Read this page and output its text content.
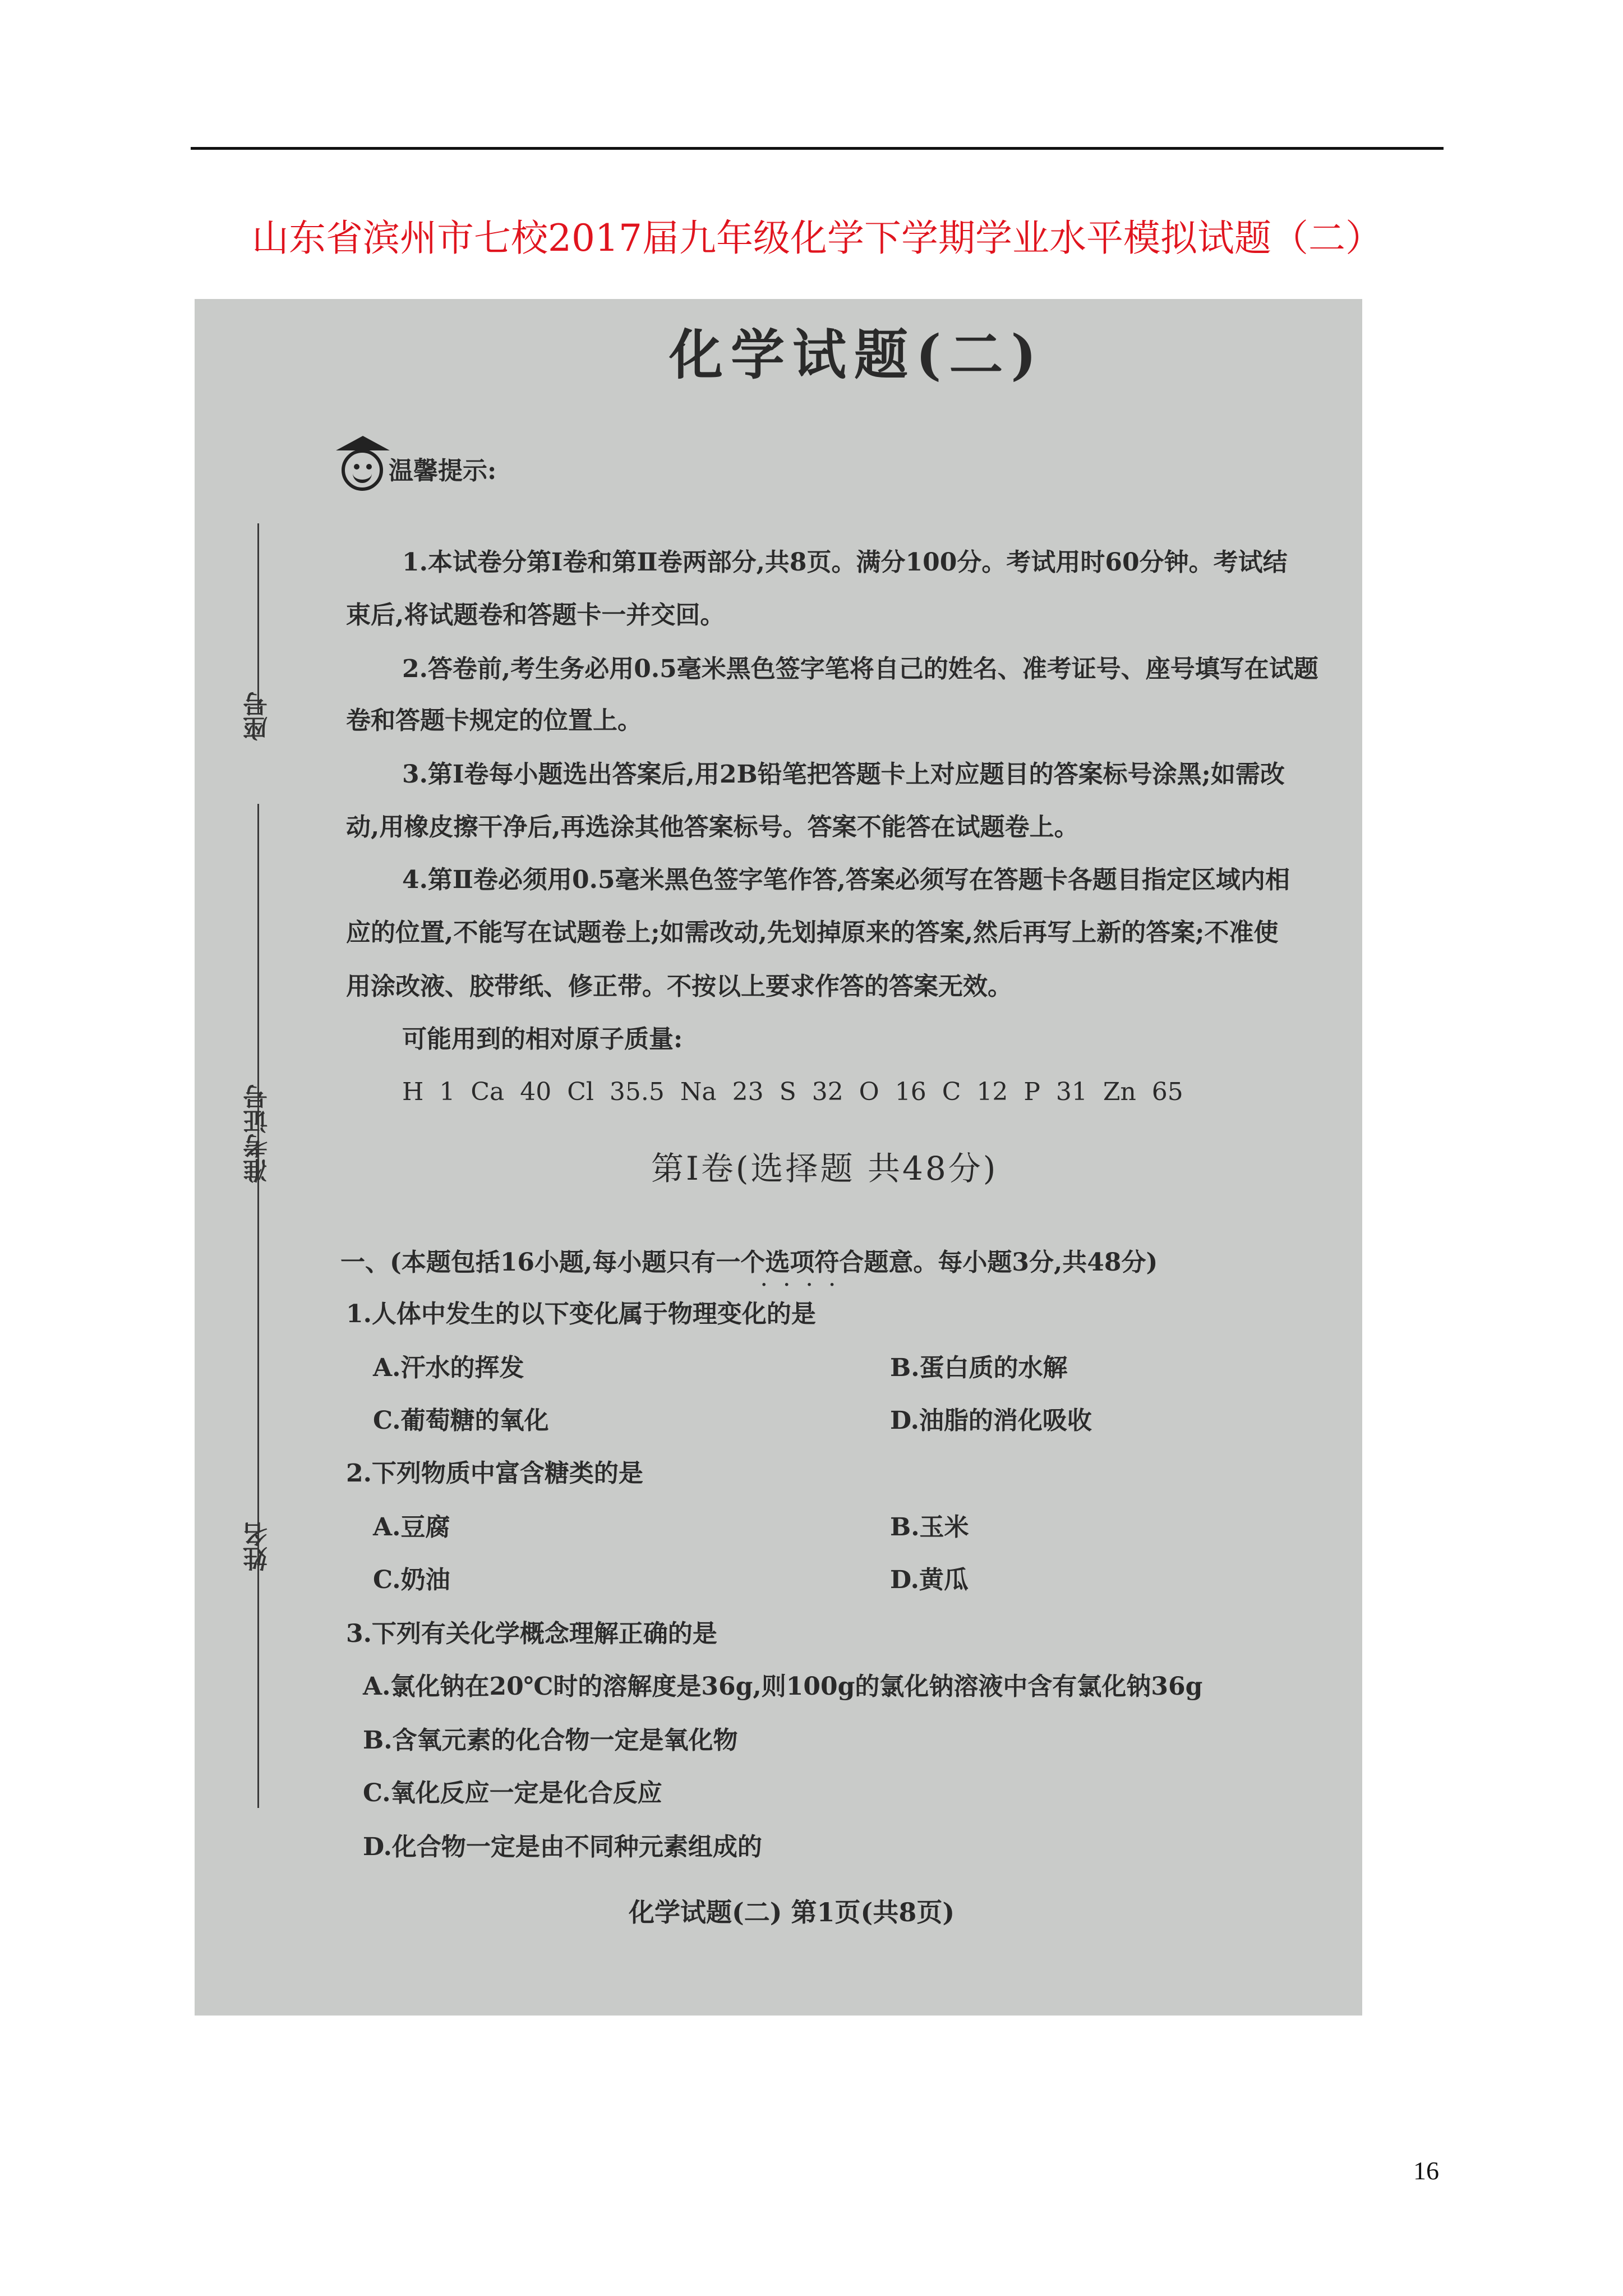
山东省滨州市七校2017届九年级化学下学期学业水平模拟试题（二）
座号
准考证号
姓名
化学试题(二)
温馨提示:
1.本试卷分第Ⅰ卷和第Ⅱ卷两部分,共8页。满分100分。考试用时60分钟。考试结
束后,将试题卷和答题卡一并交回。
2.答卷前,考生务必用0.5毫米黑色签字笔将自己的姓名、准考证号、座号填写在试题
卷和答题卡规定的位置上。
3.第Ⅰ卷每小题选出答案后,用2B铅笔把答题卡上对应题目的答案标号涂黑;如需改
动,用橡皮擦干净后,再选涂其他答案标号。答案不能答在试题卷上。
4.第Ⅱ卷必须用0.5毫米黑色签字笔作答,答案必须写在答题卡各题目指定区域内相
应的位置,不能写在试题卷上;如需改动,先划掉原来的答案,然后再写上新的答案;不准使
用涂改液、胶带纸、修正带。不按以上要求作答的答案无效。
可能用到的相对原子质量:
H 1 Ca 40 Cl 35.5 Na 23 S 32 O 16 C 12 P 31 Zn 65
第Ⅰ卷(选择题 共48分)
一、(本题包括16小题,每小题只有一个选项符合题意。每小题3分,共48分)
····
1.人体中发生的以下变化属于物理变化的是
A.汗水的挥发	B.蛋白质的水解
C.葡萄糖的氧化	D.油脂的消化吸收
2.下列物质中富含糖类的是
A.豆腐	B.玉米
C.奶油	D.黄瓜
3.下列有关化学概念理解正确的是
A.氯化钠在20℃时的溶解度是36g,则100g的氯化钠溶液中含有氯化钠36g
B.含氧元素的化合物一定是氧化物
C.氧化反应一定是化合反应
D.化合物一定是由不同种元素组成的
化学试题(二) 第1页(共8页)
16
